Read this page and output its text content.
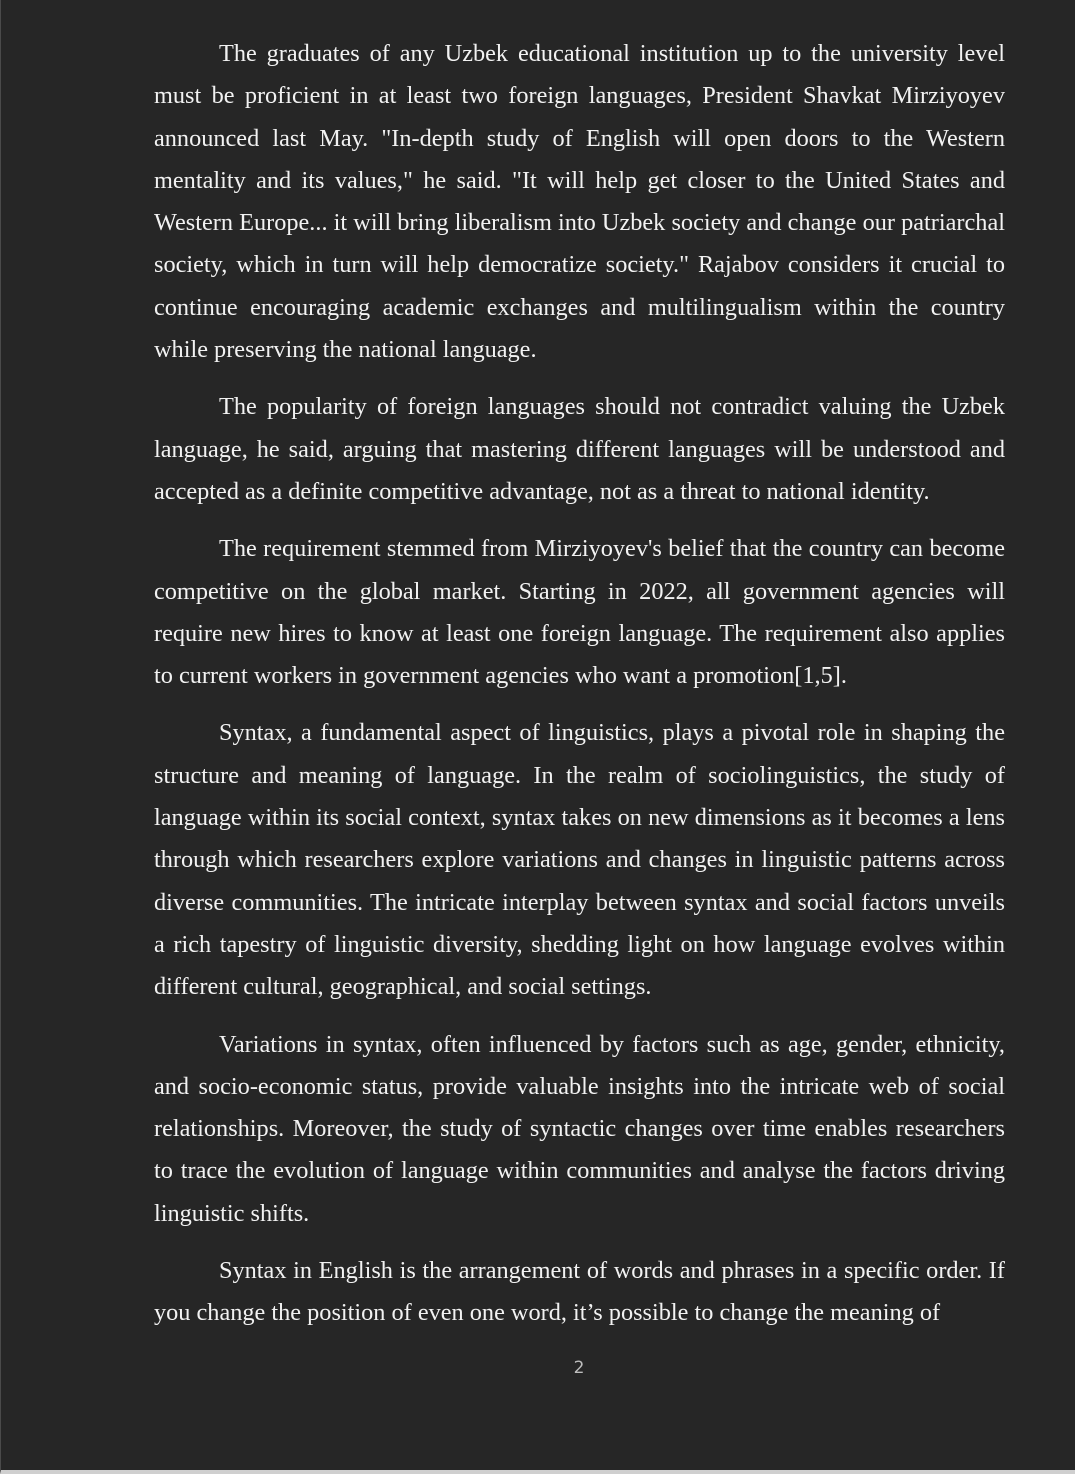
The graduates of any Uzbek educational institution up to the university level must be proficient in at least two foreign languages, President Shavkat Mirziyoyev announced last May. "In-depth study of English will open doors to the Western mentality and its values," he said. "It will help get closer to the United States and Western Europe... it will bring liberalism into Uzbek society and change our patriarchal society, which in turn will help democratize society." Rajabov considers it crucial to continue encouraging academic exchanges and multilingualism within the country while preserving the national language.

The popularity of foreign languages should not contradict valuing the Uzbek language, he said, arguing that mastering different languages will be understood and accepted as a definite competitive advantage, not as a threat to national identity.

The requirement stemmed from Mirziyoyev's belief that the country can become competitive on the global market. Starting in 2022, all government agencies will require new hires to know at least one foreign language. The requirement also applies to current workers in government agencies who want a promotion[1,5].

Syntax, a fundamental aspect of linguistics, plays a pivotal role in shaping the structure and meaning of language. In the realm of sociolinguistics, the study of language within its social context, syntax takes on new dimensions as it becomes a lens through which researchers explore variations and changes in linguistic patterns across diverse communities. The intricate interplay between syntax and social factors unveils a rich tapestry of linguistic diversity, shedding light on how language evolves within different cultural, geographical, and social settings.

Variations in syntax, often influenced by factors such as age, gender, ethnicity, and socio-economic status, provide valuable insights into the intricate web of social relationships. Moreover, the study of syntactic changes over time enables researchers to trace the evolution of language within communities and analyse the factors driving linguistic shifts.

Syntax in English is the arrangement of words and phrases in a specific order. If you change the position of even one word, it’s possible to change the meaning of

2
